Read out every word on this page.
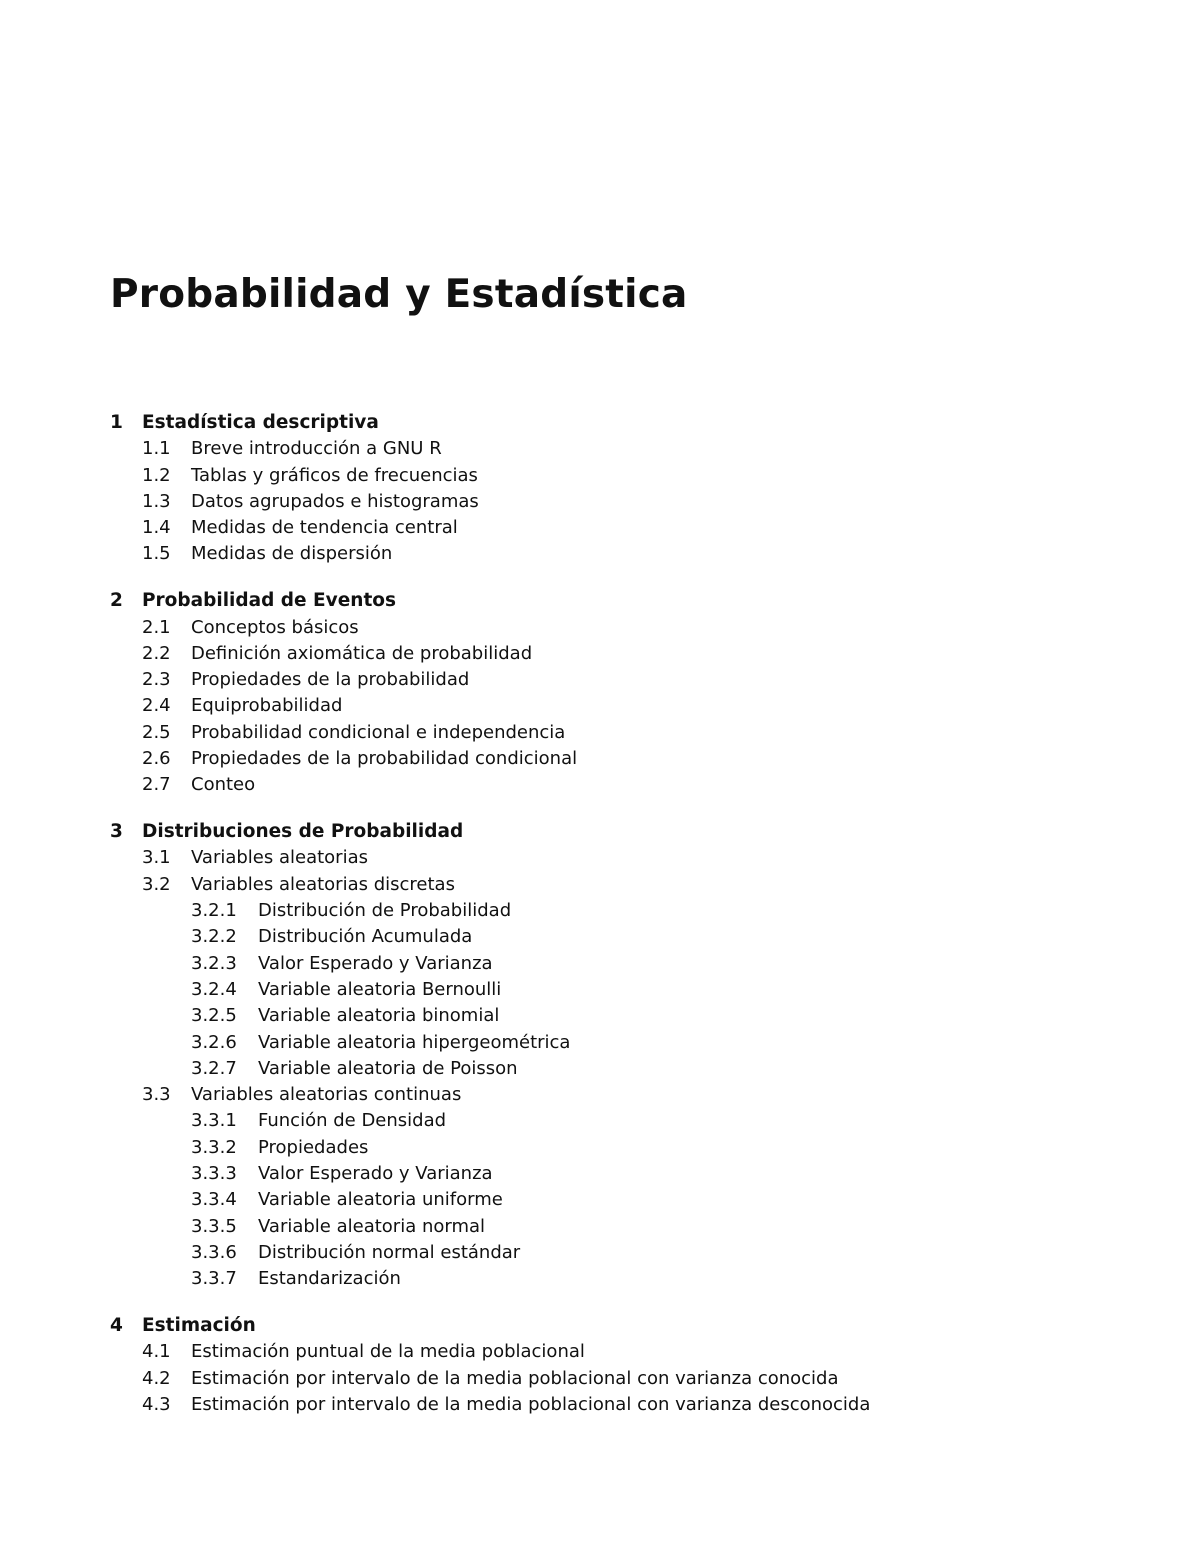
Probabilidad y Estadística
1 Estadística descriptiva
1.1 Breve introducción a GNU R
1.2 Tablas y gráficos de frecuencias
1.3 Datos agrupados e histogramas
1.4 Medidas de tendencia central
1.5 Medidas de dispersión
2 Probabilidad de Eventos
2.1 Conceptos básicos
2.2 Definición axiomática de probabilidad
2.3 Propiedades de la probabilidad
2.4 Equiprobabilidad
2.5 Probabilidad condicional e independencia
2.6 Propiedades de la probabilidad condicional
2.7 Conteo
3 Distribuciones de Probabilidad
3.1 Variables aleatorias
3.2 Variables aleatorias discretas
3.2.1 Distribución de Probabilidad
3.2.2 Distribución Acumulada
3.2.3 Valor Esperado y Varianza
3.2.4 Variable aleatoria Bernoulli
3.2.5 Variable aleatoria binomial
3.2.6 Variable aleatoria hipergeométrica
3.2.7 Variable aleatoria de Poisson
3.3 Variables aleatorias continuas
3.3.1 Función de Densidad
3.3.2 Propiedades
3.3.3 Valor Esperado y Varianza
3.3.4 Variable aleatoria uniforme
3.3.5 Variable aleatoria normal
3.3.6 Distribución normal estándar
3.3.7 Estandarización
4 Estimación
4.1 Estimación puntual de la media poblacional
4.2 Estimación por intervalo de la media poblacional con varianza conocida
4.3 Estimación por intervalo de la media poblacional con varianza desconocida
